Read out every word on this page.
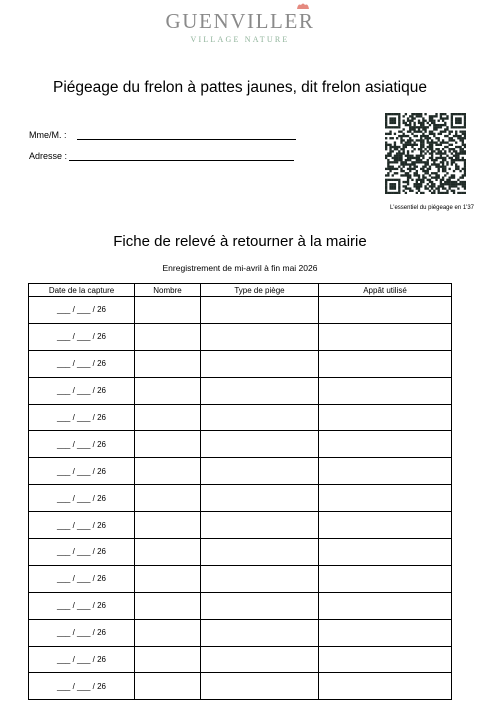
GUENVILLER
VILLAGE NATURE
Piégeage du frelon à pattes jaunes, dit frelon asiatique
Mme/M. :
Adresse :
L'essentiel du piégeage en 1'37
Fiche de relevé à retourner à la mairie
Enregistrement de mi-avril à fin mai 2026
Date de la capture	Nombre	Type de piège	Appât utilisé
___ / ___ / 26			
___ / ___ / 26			
___ / ___ / 26			
___ / ___ / 26			
___ / ___ / 26			
___ / ___ / 26			
___ / ___ / 26			
___ / ___ / 26			
___ / ___ / 26			
___ / ___ / 26			
___ / ___ / 26			
___ / ___ / 26			
___ / ___ / 26			
___ / ___ / 26			
___ / ___ / 26			
